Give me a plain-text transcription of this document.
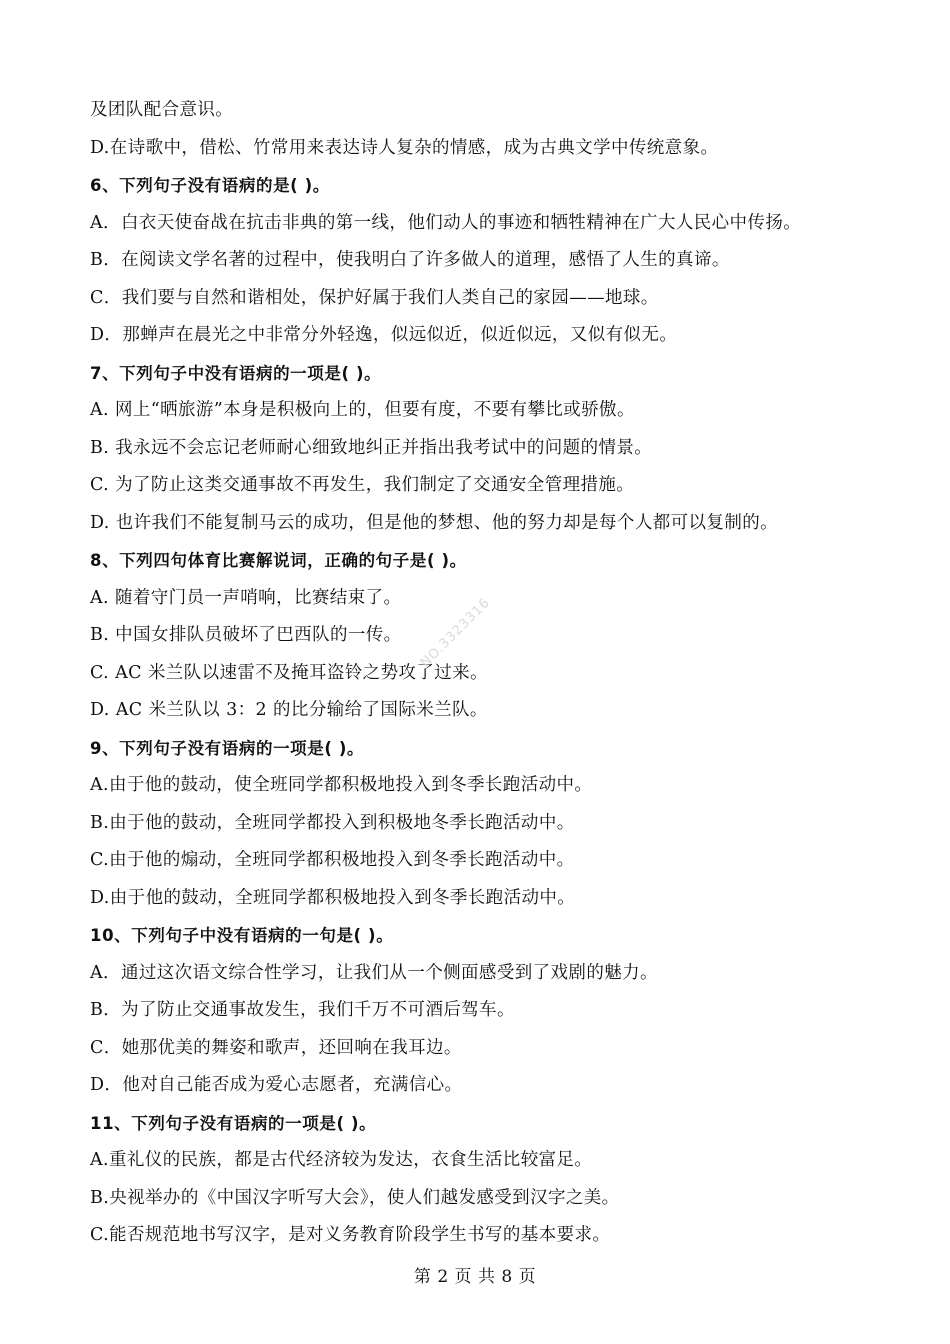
及团队配合意识。
D.在诗歌中，借松、竹常用来表达诗人复杂的情感，成为古典文学中传统意象。
6、下列句子没有语病的是( )。
A．白衣天使奋战在抗击非典的第一线，他们动人的事迹和牺牲精神在广大人民心中传扬。
B．在阅读文学名著的过程中，使我明白了许多做人的道理，感悟了人生的真谛。
C．我们要与自然和谐相处，保护好属于我们人类自己的家园——地球。
D．那蝉声在晨光之中非常分外轻逸，似远似近，似近似远，又似有似无。
7、下列句子中没有语病的一项是( )。
A. 网上“晒旅游”本身是积极向上的，但要有度，不要有攀比或骄傲。
B. 我永远不会忘记老师耐心细致地纠正并指出我考试中的问题的情景。
C. 为了防止这类交通事故不再发生，我们制定了交通安全管理措施。
D. 也许我们不能复制马云的成功，但是他的梦想、他的努力却是每个人都可以复制的。
8、下列四句体育比赛解说词，正确的句子是( )。
A. 随着守门员一声哨响，比赛结束了。
B. 中国女排队员破坏了巴西队的一传。
C. AC 米兰队以速雷不及掩耳盗铃之势攻了过来。
D. AC 米兰队以 3：2 的比分输给了国际米兰队。
9、下列句子没有语病的一项是( )。
A.由于他的鼓动，使全班同学都积极地投入到冬季长跑活动中。
B.由于他的鼓动，全班同学都投入到积极地冬季长跑活动中。
C.由于他的煽动，全班同学都积极地投入到冬季长跑活动中。
D.由于他的鼓动，全班同学都积极地投入到冬季长跑活动中。
10、下列句子中没有语病的一句是( )。
A．通过这次语文综合性学习，让我们从一个侧面感受到了戏剧的魅力。
B．为了防止交通事故发生，我们千万不可酒后驾车。
C．她那优美的舞姿和歌声，还回响在我耳边。
D．他对自己能否成为爱心志愿者，充满信心。
11、下列句子没有语病的一项是( )。
A.重礼仪的民族，都是古代经济较为发达，衣食生活比较富足。
B.央视举办的《中国汉字听写大会》，使人们越发感受到汉字之美。
C.能否规范地书写汉字，是对义务教育阶段学生书写的基本要求。
NO.3323316
第 2 页 共 8 页
